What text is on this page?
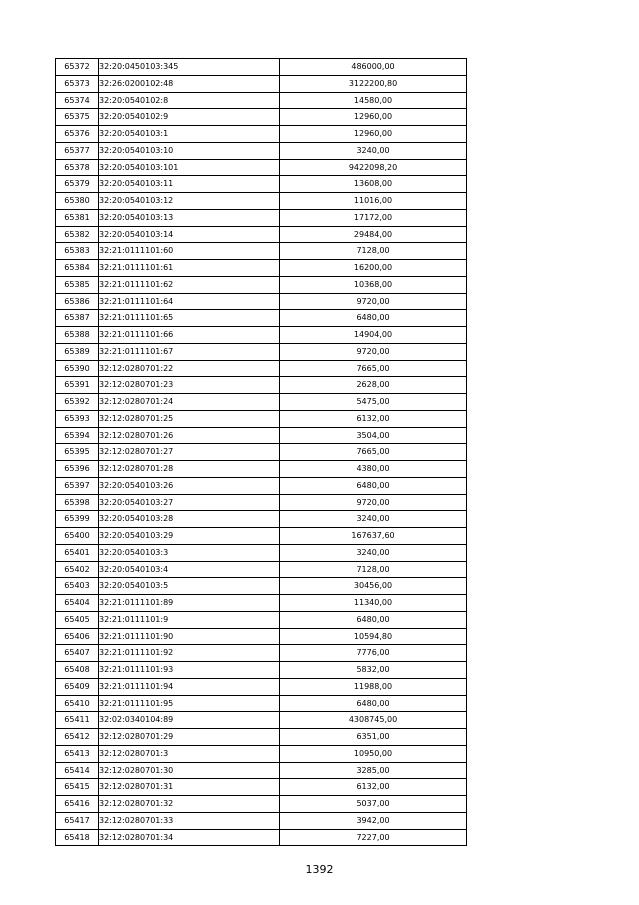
65372	32:20:0450103:345	486000,00
65373	32:26:0200102:48	3122200,80
65374	32:20:0540102:8	14580,00
65375	32:20:0540102:9	12960,00
65376	32:20:0540103:1	12960,00
65377	32:20:0540103:10	3240,00
65378	32:20:0540103:101	9422098,20
65379	32:20:0540103:11	13608,00
65380	32:20:0540103:12	11016,00
65381	32:20:0540103:13	17172,00
65382	32:20:0540103:14	29484,00
65383	32:21:0111101:60	7128,00
65384	32:21:0111101:61	16200,00
65385	32:21:0111101:62	10368,00
65386	32:21:0111101:64	9720,00
65387	32:21:0111101:65	6480,00
65388	32:21:0111101:66	14904,00
65389	32:21:0111101:67	9720,00
65390	32:12:0280701:22	7665,00
65391	32:12:0280701:23	2628,00
65392	32:12:0280701:24	5475,00
65393	32:12:0280701:25	6132,00
65394	32:12:0280701:26	3504,00
65395	32:12:0280701:27	7665,00
65396	32:12:0280701:28	4380,00
65397	32:20:0540103:26	6480,00
65398	32:20:0540103:27	9720,00
65399	32:20:0540103:28	3240,00
65400	32:20:0540103:29	167637,60
65401	32:20:0540103:3	3240,00
65402	32:20:0540103:4	7128,00
65403	32:20:0540103:5	30456,00
65404	32:21:0111101:89	11340,00
65405	32:21:0111101:9	6480,00
65406	32:21:0111101:90	10594,80
65407	32:21:0111101:92	7776,00
65408	32:21:0111101:93	5832,00
65409	32:21:0111101:94	11988,00
65410	32:21:0111101:95	6480,00
65411	32:02:0340104:89	4308745,00
65412	32:12:0280701:29	6351,00
65413	32:12:0280701:3	10950,00
65414	32:12:0280701:30	3285,00
65415	32:12:0280701:31	6132,00
65416	32:12:0280701:32	5037,00
65417	32:12:0280701:33	3942,00
65418	32:12:0280701:34	7227,00
1392
